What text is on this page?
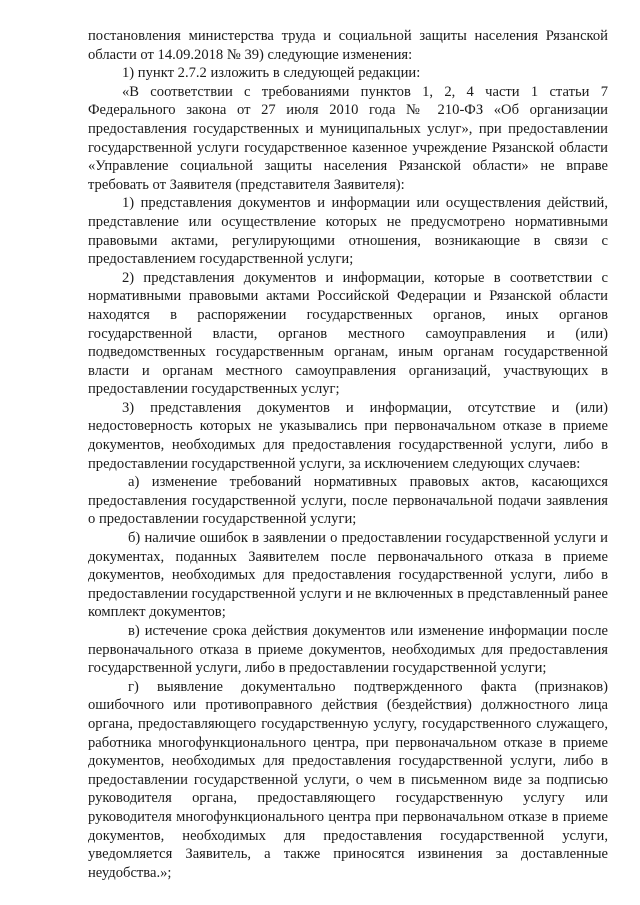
постановления министерства труда и социальной защиты населения Рязанской области от 14.09.2018 № 39) следующие изменения:

1) пункт 2.7.2 изложить в следующей редакции:

«В соответствии с требованиями пунктов 1, 2, 4 части 1 статьи 7 Федерального закона от 27 июля 2010 года № 210-ФЗ «Об организации предоставления государственных и муниципальных услуг», при предоставлении государственной услуги государственное казенное учреждение Рязанской области «Управление социальной защиты населения Рязанской области» не вправе требовать от Заявителя (представителя Заявителя):

1) представления документов и информации или осуществления действий, представление или осуществление которых не предусмотрено нормативными правовыми актами, регулирующими отношения, возникающие в связи с предоставлением государственной услуги;

2) представления документов и информации, которые в соответствии с нормативными правовыми актами Российской Федерации и Рязанской области находятся в распоряжении государственных органов, иных органов государственной власти, органов местного самоуправления и (или) подведомственных государственным органам, иным органам государственной власти и органам местного самоуправления организаций, участвующих в предоставлении государственных услуг;

3) представления документов и информации, отсутствие и (или) недостоверность которых не указывались при первоначальном отказе в приеме документов, необходимых для предоставления государственной услуги, либо в предоставлении государственной услуги, за исключением следующих случаев:

а) изменение требований нормативных правовых актов, касающихся предоставления государственной услуги, после первоначальной подачи заявления о предоставлении государственной услуги;

б) наличие ошибок в заявлении о предоставлении государственной услуги и документах, поданных Заявителем после первоначального отказа в приеме документов, необходимых для предоставления государственной услуги, либо в предоставлении государственной услуги и не включенных в представленный ранее комплект документов;

в) истечение срока действия документов или изменение информации после первоначального отказа в приеме документов, необходимых для предоставления государственной услуги, либо в предоставлении государственной услуги;

г) выявление документально подтвержденного факта (признаков) ошибочного или противоправного действия (бездействия) должностного лица органа, предоставляющего государственную услугу, государственного служащего, работника многофункционального центра, при первоначальном отказе в приеме документов, необходимых для предоставления государственной услуги, либо в предоставлении государственной услуги, о чем в письменном виде за подписью руководителя органа, предоставляющего государственную услугу или руководителя многофункционального центра при первоначальном отказе в приеме документов, необходимых для предоставления государственной услуги, уведомляется Заявитель, а также приносятся извинения за доставленные неудобства.»;
